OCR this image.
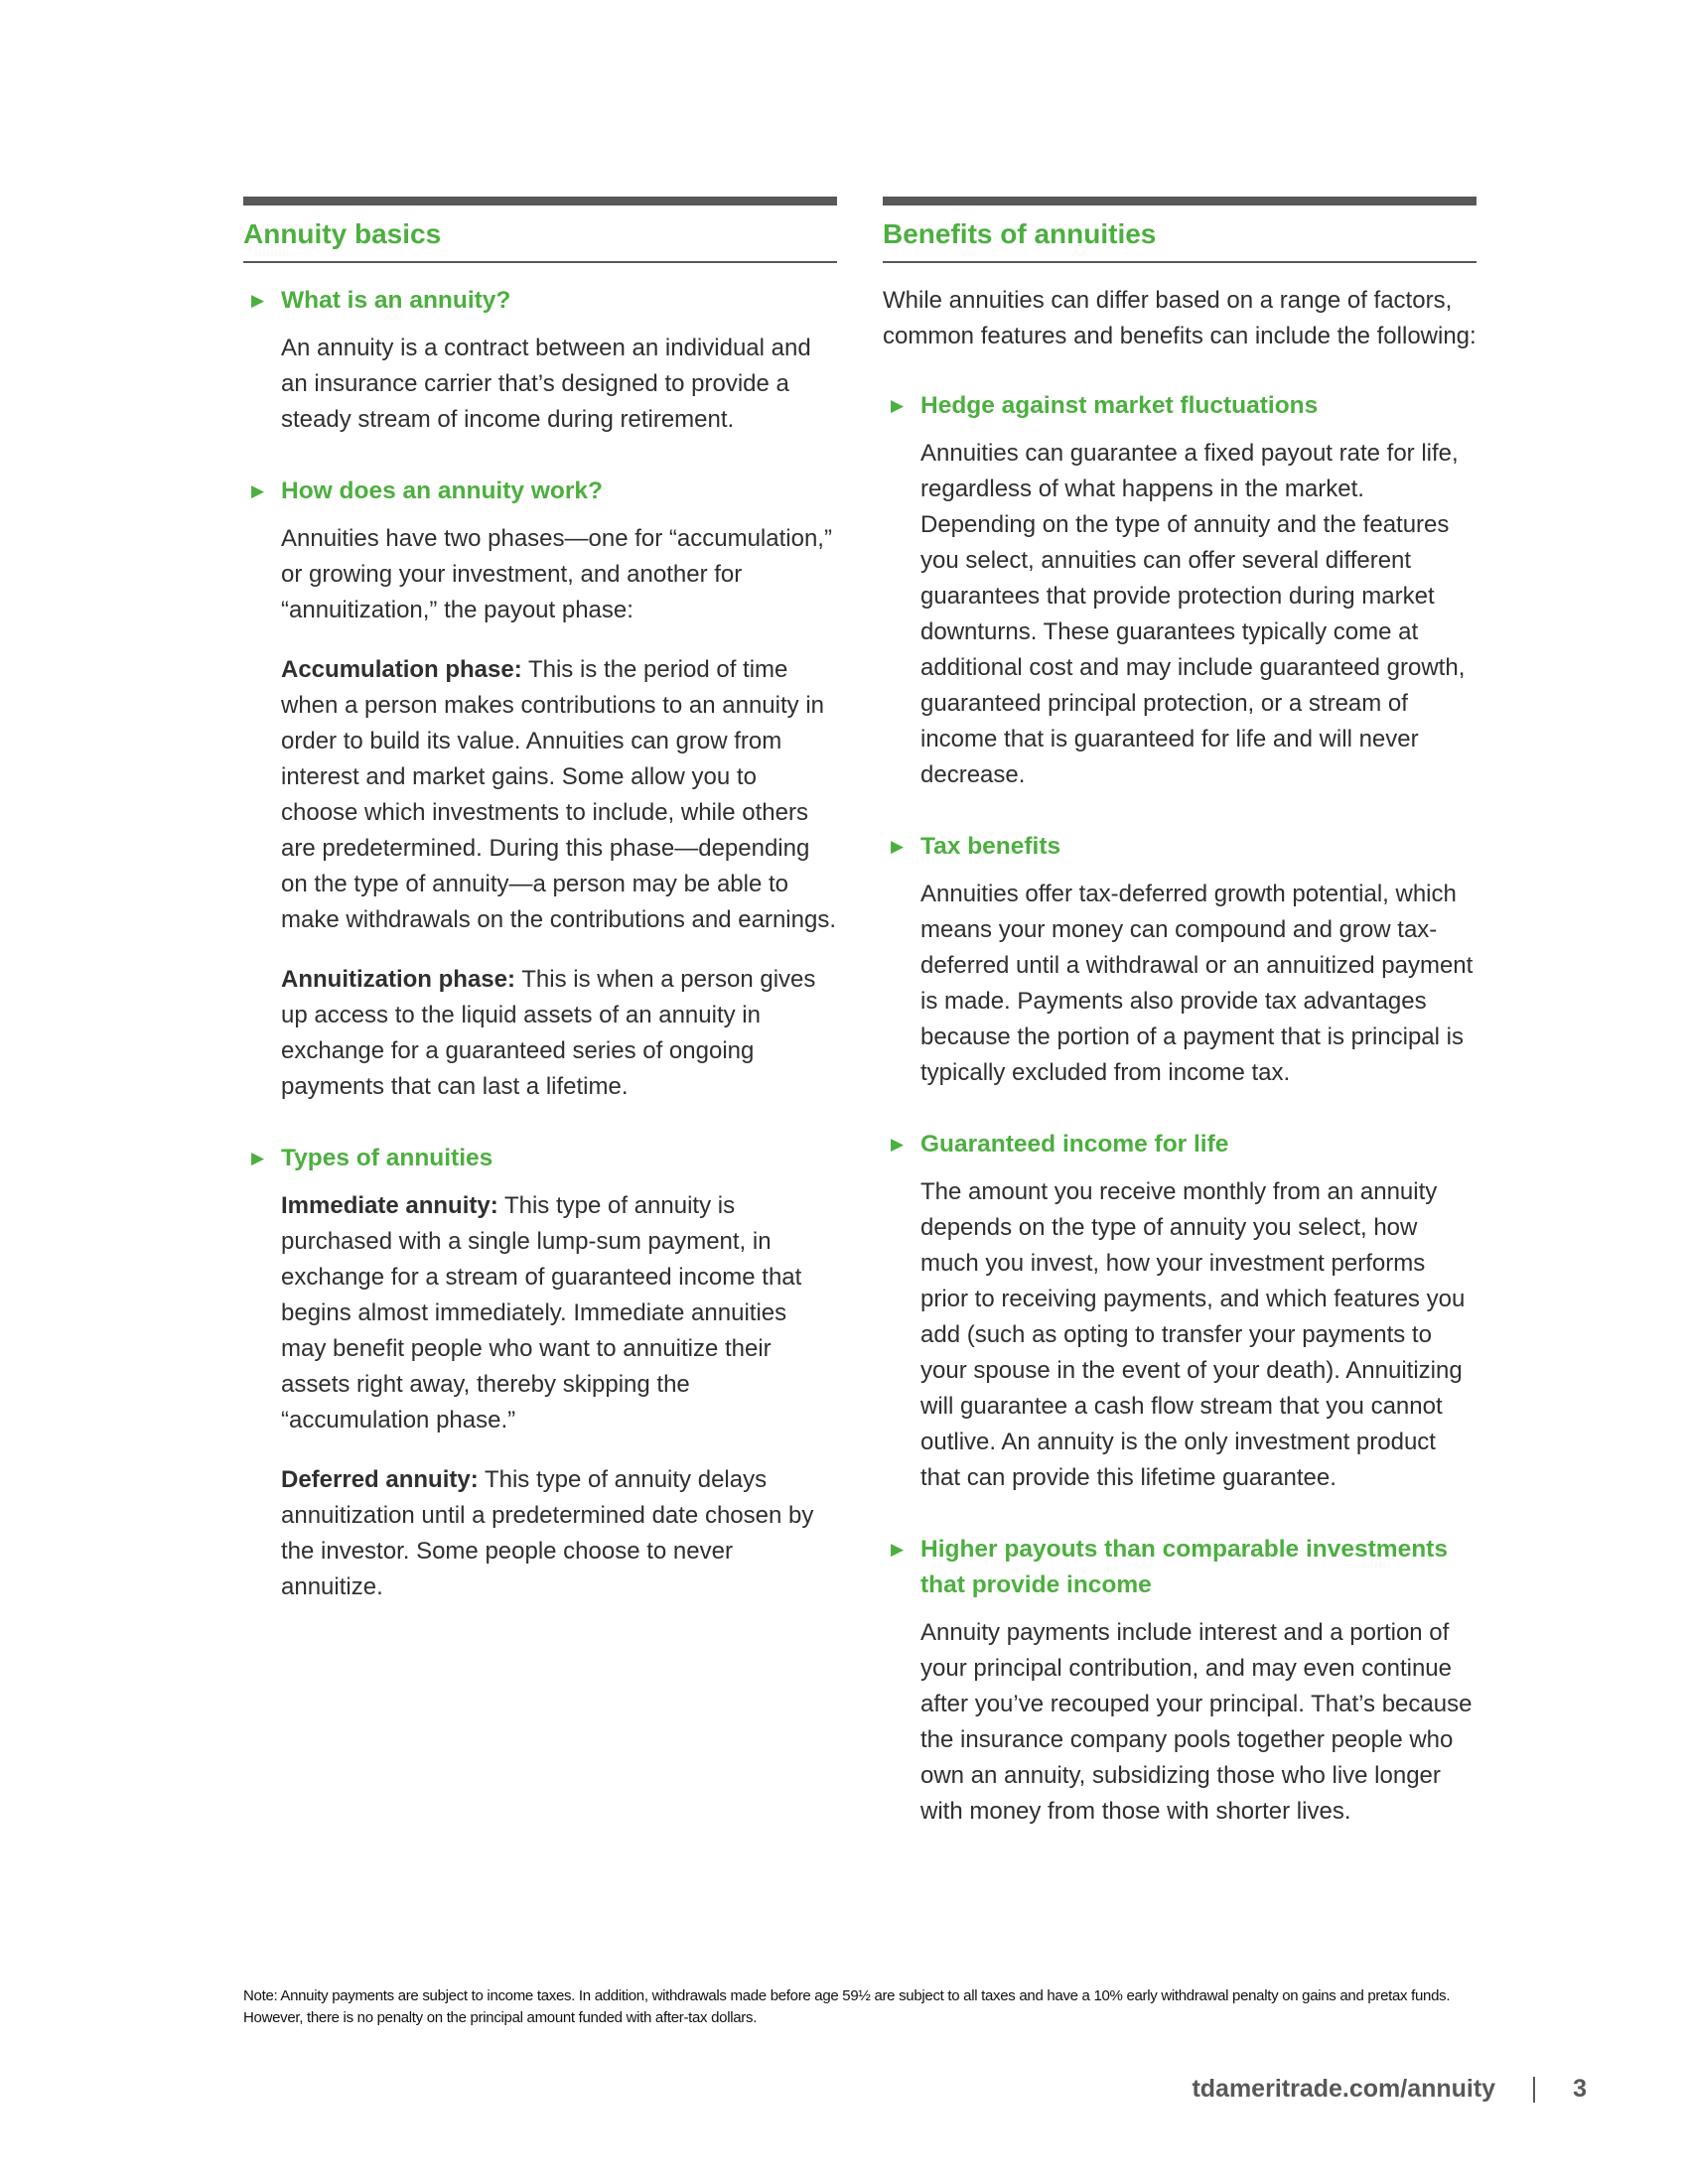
Annuity basics
▶ What is an annuity?

An annuity is a contract between an individual and an insurance carrier that’s designed to provide a steady stream of income during retirement.

▶ How does an annuity work?

Annuities have two phases—one for “accumulation,” or growing your investment, and another for “annuitization,” the payout phase:

Accumulation phase: This is the period of time when a person makes contributions to an annuity in order to build its value. Annuities can grow from interest and market gains. Some allow you to choose which investments to include, while others are predetermined. During this phase—depending on the type of annuity—a person may be able to make withdrawals on the contributions and earnings.

Annuitization phase: This is when a person gives up access to the liquid assets of an annuity in exchange for a guaranteed series of ongoing payments that can last a lifetime.

▶ Types of annuities

Immediate annuity: This type of annuity is purchased with a single lump-sum payment, in exchange for a stream of guaranteed income that begins almost immediately. Immediate annuities may benefit people who want to annuitize their assets right away, thereby skipping the “accumulation phase.”

Deferred annuity: This type of annuity delays annuitization until a predetermined date chosen by the investor. Some people choose to never annuitize.

Benefits of annuities

While annuities can differ based on a range of factors, common features and benefits can include the following:

▶ Hedge against market fluctuations

Annuities can guarantee a fixed payout rate for life, regardless of what happens in the market. Depending on the type of annuity and the features you select, annuities can offer several different guarantees that provide protection during market downturns. These guarantees typically come at additional cost and may include guaranteed growth, guaranteed principal protection, or a stream of income that is guaranteed for life and will never decrease.

▶ Tax benefits

Annuities offer tax-deferred growth potential, which means your money can compound and grow tax-deferred until a withdrawal or an annuitized payment is made. Payments also provide tax advantages because the portion of a payment that is principal is typically excluded from income tax.

▶ Guaranteed income for life

The amount you receive monthly from an annuity depends on the type of annuity you select, how much you invest, how your investment performs prior to receiving payments, and which features you add (such as opting to transfer your payments to your spouse in the event of your death). Annuitizing will guarantee a cash flow stream that you cannot outlive. An annuity is the only investment product that can provide this lifetime guarantee.

▶ Higher payouts than comparable investments that provide income

Annuity payments include interest and a portion of your principal contribution, and may even continue after you’ve recouped your principal. That’s because the insurance company pools together people who own an annuity, subsidizing those who live longer with money from those with shorter lives.

Note: Annuity payments are subject to income taxes. In addition, withdrawals made before age 59½ are subject to all taxes and have a 10% early withdrawal penalty on gains and pretax funds. However, there is no penalty on the principal amount funded with after-tax dollars.
tdameritrade.com/annuity	3
